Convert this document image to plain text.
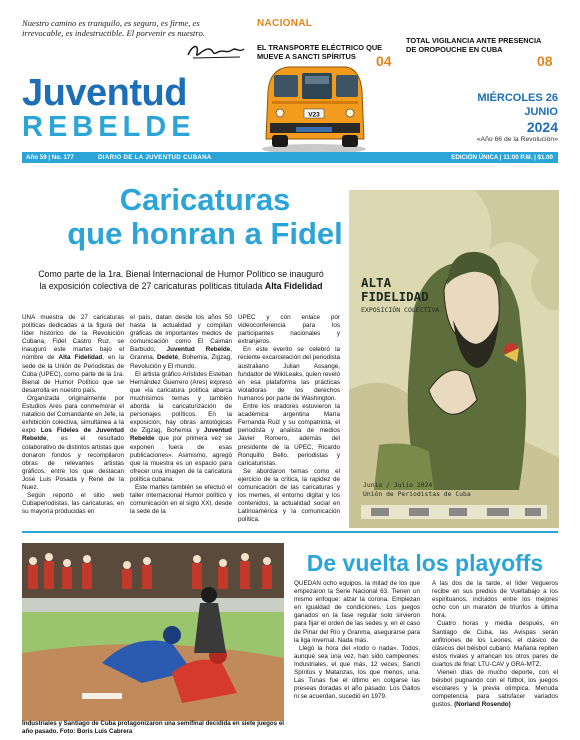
Nuestro camino es tranquilo, es seguro, es firme, es irrevocable, es indestructible. El porvenir es nuestro.
NACIONAL
EL TRANSPORTE ELÉCTRICO QUE MUEVE A SANCTI SPÍRITUS	04
TOTAL VIGILANCIA ANTE PRESENCIA DE OROPOUCHE EN CUBA
08
V23
Juventud
REBELDE
MIÉRCOLES 26
JUNIO
2024
«Año 66 de la Revolución»
Año 59 | No. 177	DIARIO DE LA JUVENTUD CUBANA	EDICIÓN ÚNICA | 11:00 P.M. | $1.00
Caricaturas
que honran a Fidel
Como parte de la 1ra. Bienal Internacional de Humor Político se inauguró
la exposición colectiva de 27 caricaturas políticas titulada Alta Fidelidad

UNA muestra de 27 caricaturas políticas dedicadas a la figura del líder histórico de la Revolución Cubana, Fidel Castro Ruz, se inauguró este martes bajo el nombre de Alta Fidelidad, en la sede de la Unión de Periodistas de Cuba (UPEC), como parte de la 1ra. Bienal de Humor Político que se desarrolla en nuestro país.

Organizada originalmente por Estudios Ares para conmemorar el natalicio del Comandante en Jefe, la exhibición colectiva, simultánea a la expo Los Fideles de Juventud Rebelde, es el resultado colaborativo de distintos artistas que donaron fondos y recompilaron obras de relevantes artistas gráficos, entre los que destacan José Luis Posada y René de la Nuez.

Según reportó el sitio web Cubaperiodistas, las caricaturas, en su mayoría producidas en

el país, datan desde los años 50 hasta la actualidad y compilan gráficas de importantes medios de comunicación como El Caimán Barbudo, Juventud Rebelde, Granma, Dedeté, Bohemia, Zigzag, Revolución y El mundo.

El artista gráfico Arístides Esteban Hernández Guerrero (Ares) expresó que «la caricatura política abarca muchísimos temas y también aborda la caricaturización de personajes políticos. En la exposición, hay obras antológicas de Zigzag, Bohemia y Juventud Rebelde que por primera vez se exponen fuera de esas publicaciones». Asimismo, agregó que la muestra es un espacio para ofrecer una imagen de la caricatura política cubana.

Este martes también se efectuó el taller internacional Humor político y comunicación en el siglo XXI, desde la sede de la

UPEC y con enlace por videoconferencia para los participantes nacionales y extranjeros.

En este evento se celebró la reciente excarcelación del periodista australiano Julian Assange, fundador de WikiLeaks, quien reveló en esa plataforma las prácticas violadoras de los derechos humanos por parte de Washington.

Entre los oradores estuvieron la académica argentina María Fernanda Ruiz y su compatriota, el periodista y analista de medios Javier Romero, además del presidente de la UPEC, Ricardo Ronquillo Bello, periodistas y caricaturistas.

Se abordaron temas como el ejercicio de la crítica, la rapidez de comunicación de las caricaturas y los memes, el entorno digital y los contenidos, la actualidad social en Latinoamérica y la comunicación política.

ALTA
FIDELIDAD
EXPOSICIÓN COLECTIVA
Junio / Julio 2024
Unión de Periodistas de Cuba
Industriales y Santiago de Cuba protagonizaron una semifinal decidida en siete juegos el año pasado. Foto: Boris Luis Cabrera
De vuelta los playoffs

QUEDAN ocho equipos, la mitad de los que empezaron la Serie Nacional 63. Tienen un mismo enfoque: alzar la corona. Empiezan en igualdad de condiciones. Los juegos ganados en la fase regular solo sirvieron para fijar el orden de las sedes y, en el caso de Pinar del Río y Granma, asegurarse para la liga invernal. Nada más.

Llegó la hora del «todo o nada». Todos, aunque sea una vez, han sido campeones: Industriales, el que más, 12 veces; Sancti Spíritus y Matanzas, los que menos, una. Las Tunas fue el último en colgarse las preseas doradas el año pasado. Los Gallos ni se acuerdan, sucedió en 1979.

A las dos de la tarde, el líder Vegueros recibe en sus predios de Vueltabajo a los espirituanos, incluidos entre los mejores ocho con un maratón de triunfos a última hora.

Cuatro horas y media después, en Santiago de Cuba, las Avispas serán anfitriones de los Leones, el clásico de clásicos del béisbol cubano. Mañana repiten estos rivales y arrancan los otros pares de cuartos de final: LTU-CAV y GRA-MTZ.

Vienen días de mucho deporte, con el béisbol pugnando con el fútbol, los juegos escolares y la previa olímpica. Menuda competencia para satisfacer variados gustos. (Norland Rosendo)
